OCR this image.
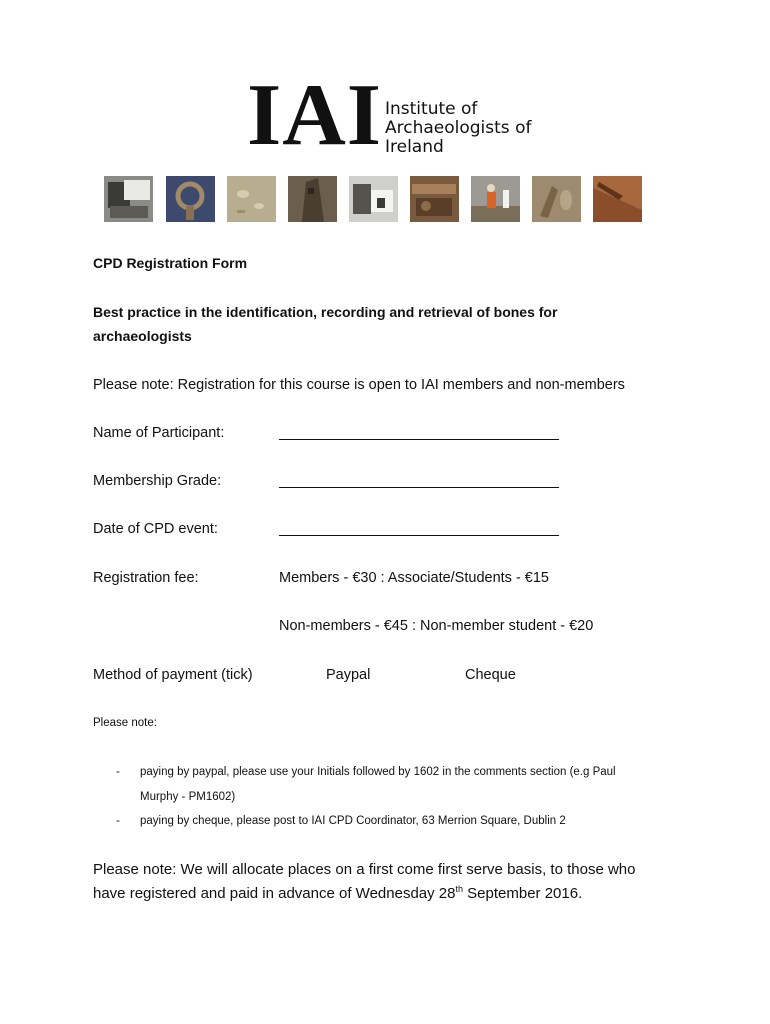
IAI Institute of
Archaeologists of
Ireland
CPD Registration Form
Best practice in the identification, recording and retrieval of bones for
archaeologists
Please note: Registration for this course is open to IAI members and non-members
Name of Participant:
Membership Grade:
Date of CPD event:
Registration fee:	Members - €30 : Associate/Students - €15
Non-members - €45 : Non-member student - €20
Method of payment (tick)	Paypal	Cheque
Please note:
- paying by paypal, please use your Initials followed by 1602 in the comments section (e.g Paul
Murphy - PM1602)
- paying by cheque, please post to IAI CPD Coordinator, 63 Merrion Square, Dublin 2
Please note: We will allocate places on a first come first serve basis, to those who
have registered and paid in advance of Wednesday 28th September 2016.
